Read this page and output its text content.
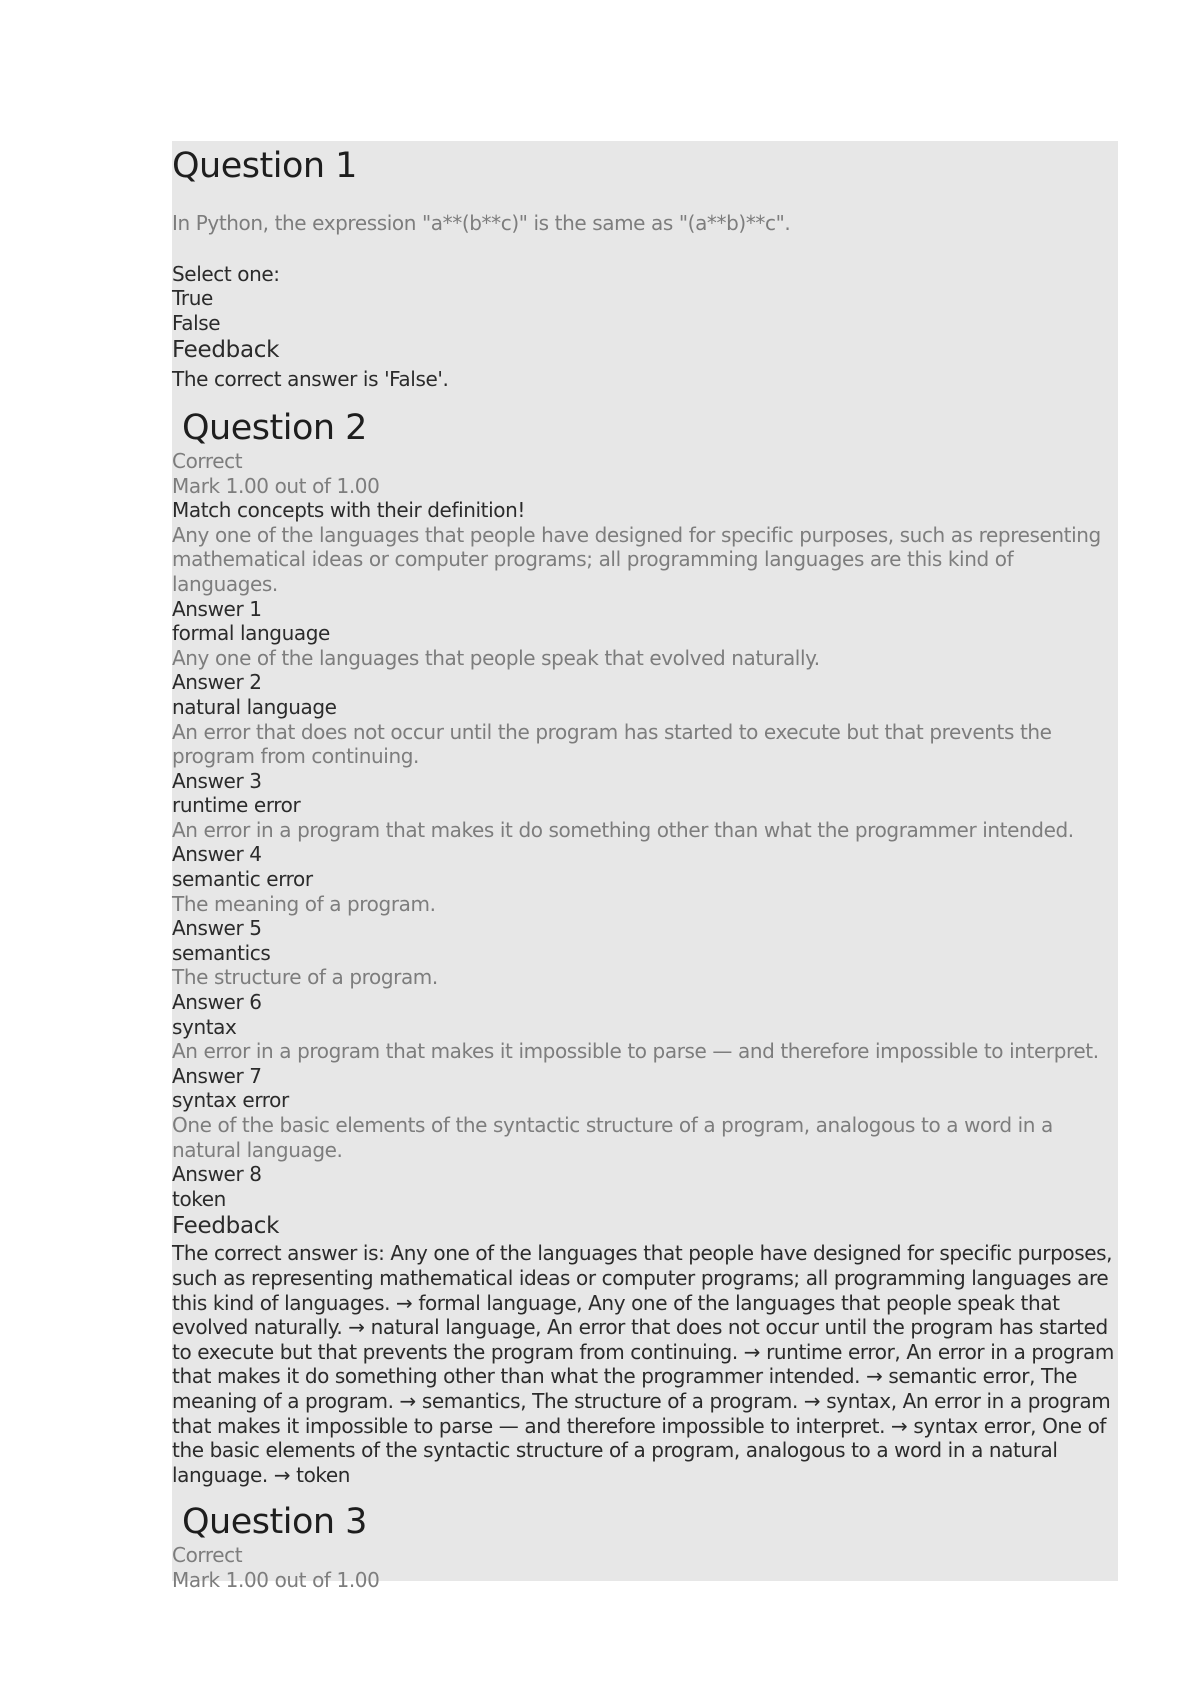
Question 1
In Python, the expression "a**(b**c)" is the same as "(a**b)**c".
Select one:
True
False
Feedback
The correct answer is 'False'.
Question 2
Correct
Mark 1.00 out of 1.00
Match concepts with their definition!
Any one of the languages that people have designed for specific purposes, such as representing mathematical ideas or computer programs; all programming languages are this kind of languages.
Answer 1
formal language
Any one of the languages that people speak that evolved naturally.
Answer 2
natural language
An error that does not occur until the program has started to execute but that prevents the program from continuing.
Answer 3
runtime error
An error in a program that makes it do something other than what the programmer intended.
Answer 4
semantic error
The meaning of a program.
Answer 5
semantics
The structure of a program.
Answer 6
syntax
An error in a program that makes it impossible to parse — and therefore impossible to interpret.
Answer 7
syntax error
One of the basic elements of the syntactic structure of a program, analogous to a word in a natural language.
Answer 8
token
Feedback
The correct answer is: Any one of the languages that people have designed for specific purposes, such as representing mathematical ideas or computer programs; all programming languages are this kind of languages. → formal language, Any one of the languages that people speak that evolved naturally. → natural language, An error that does not occur until the program has started to execute but that prevents the program from continuing. → runtime error, An error in a program that makes it do something other than what the programmer intended. → semantic error, The meaning of a program. → semantics, The structure of a program. → syntax, An error in a program that makes it impossible to parse — and therefore impossible to interpret. → syntax error, One of the basic elements of the syntactic structure of a program, analogous to a word in a natural language. → token
Question 3
Correct
Mark 1.00 out of 1.00
